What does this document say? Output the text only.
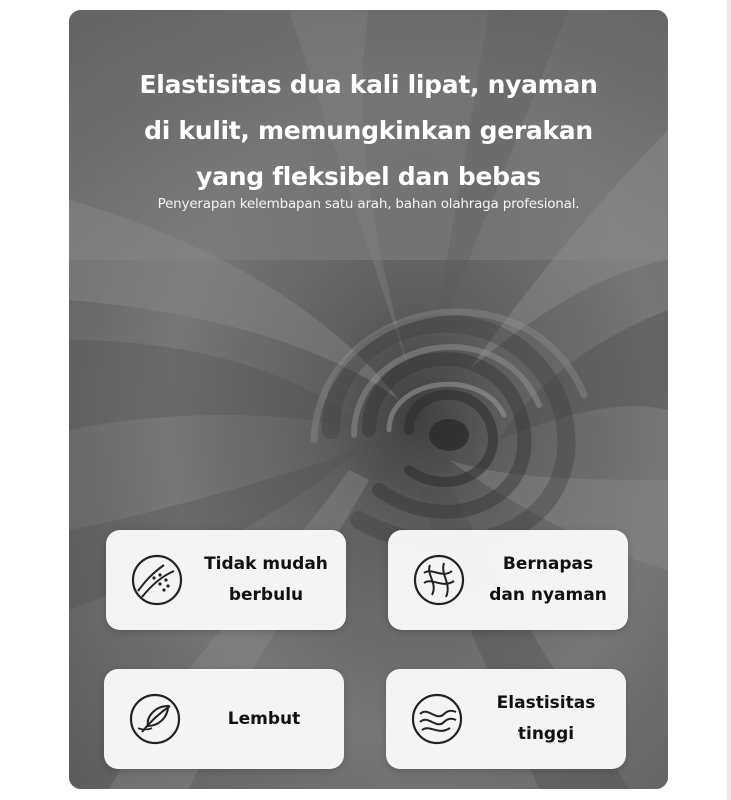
Elastisitas dua kali lipat, nyaman
di kulit, memungkinkan gerakan
yang fleksibel dan bebas
Penyerapan kelembapan satu arah, bahan olahraga profesional.
Tidak mudah
berbulu
Bernapas
dan nyaman
Lembut
Elastisitas
tinggi
